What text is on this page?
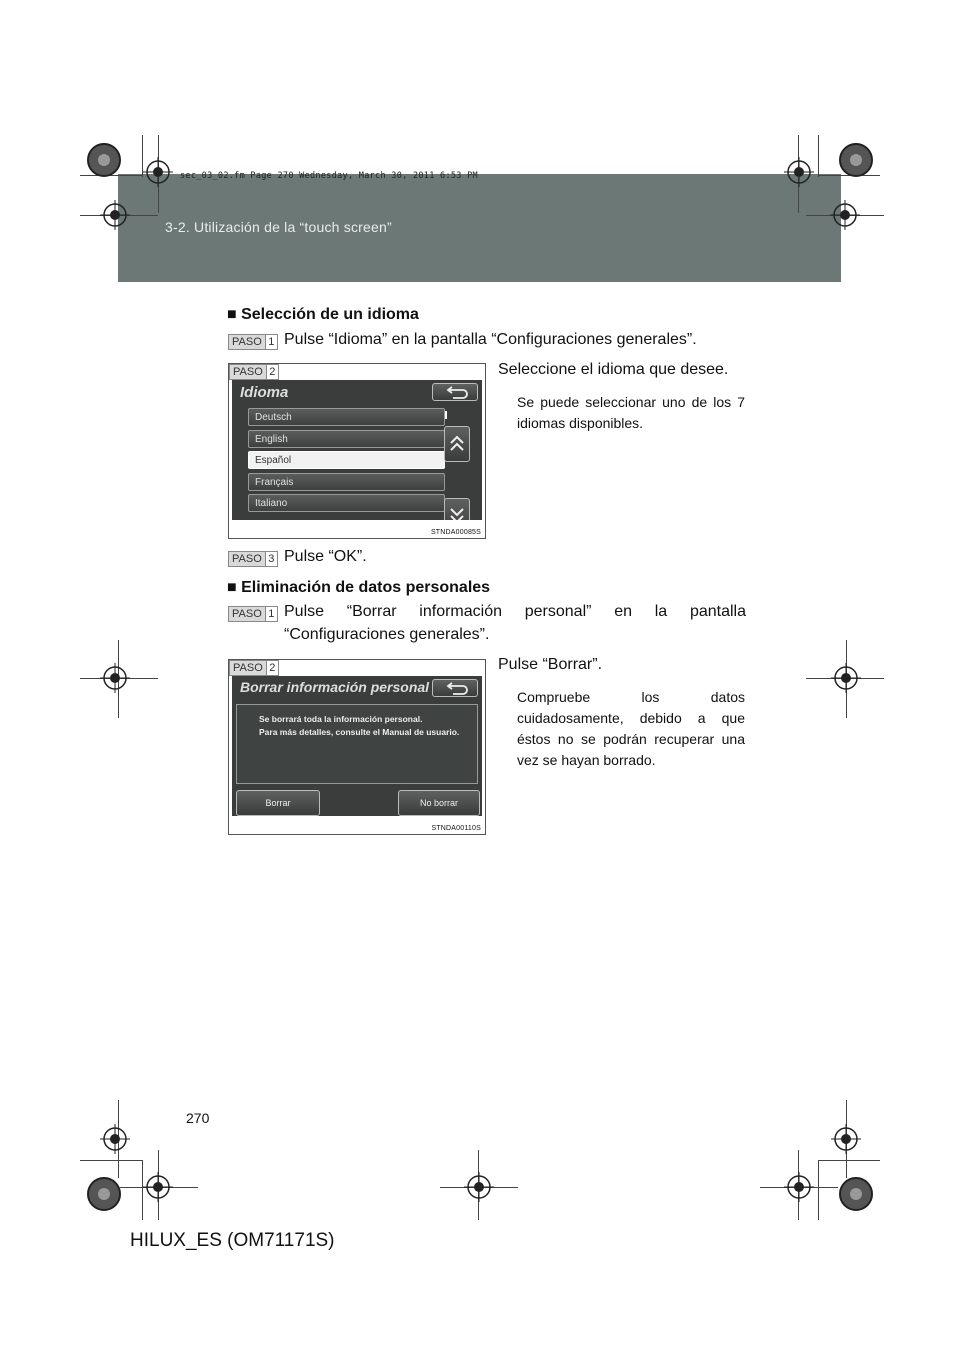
3-2. Utilización de la “touch screen”
sec_03_02.fm Page 270 Wednesday, March 30, 2011 6:53 PM
■ Selección de un idioma
PASO 1 Pulse “Idioma” en la pantalla “Configuraciones generales”.
PASO 2
Idioma
Deutsch
English
Español
Français
Italiano
STNDA00085S
Seleccione el idioma que desee.
Se puede seleccionar uno de los 7 idiomas disponibles.
PASO 3 Pulse “OK”.
■ Eliminación de datos personales
PASO 1 Pulse “Borrar información personal” en la pantalla
“Configuraciones generales”.
PASO 2
Borrar información personal
Se borrará toda la información personal.
Para más detalles, consulte el Manual de usuario.
Borrar	No borrar
STNDA00110S
Pulse “Borrar”.
Compruebe los datos cuidadosamente, debido a que éstos no se podrán recuperar una vez se hayan borrado.
270
HILUX_ES (OM71171S)
